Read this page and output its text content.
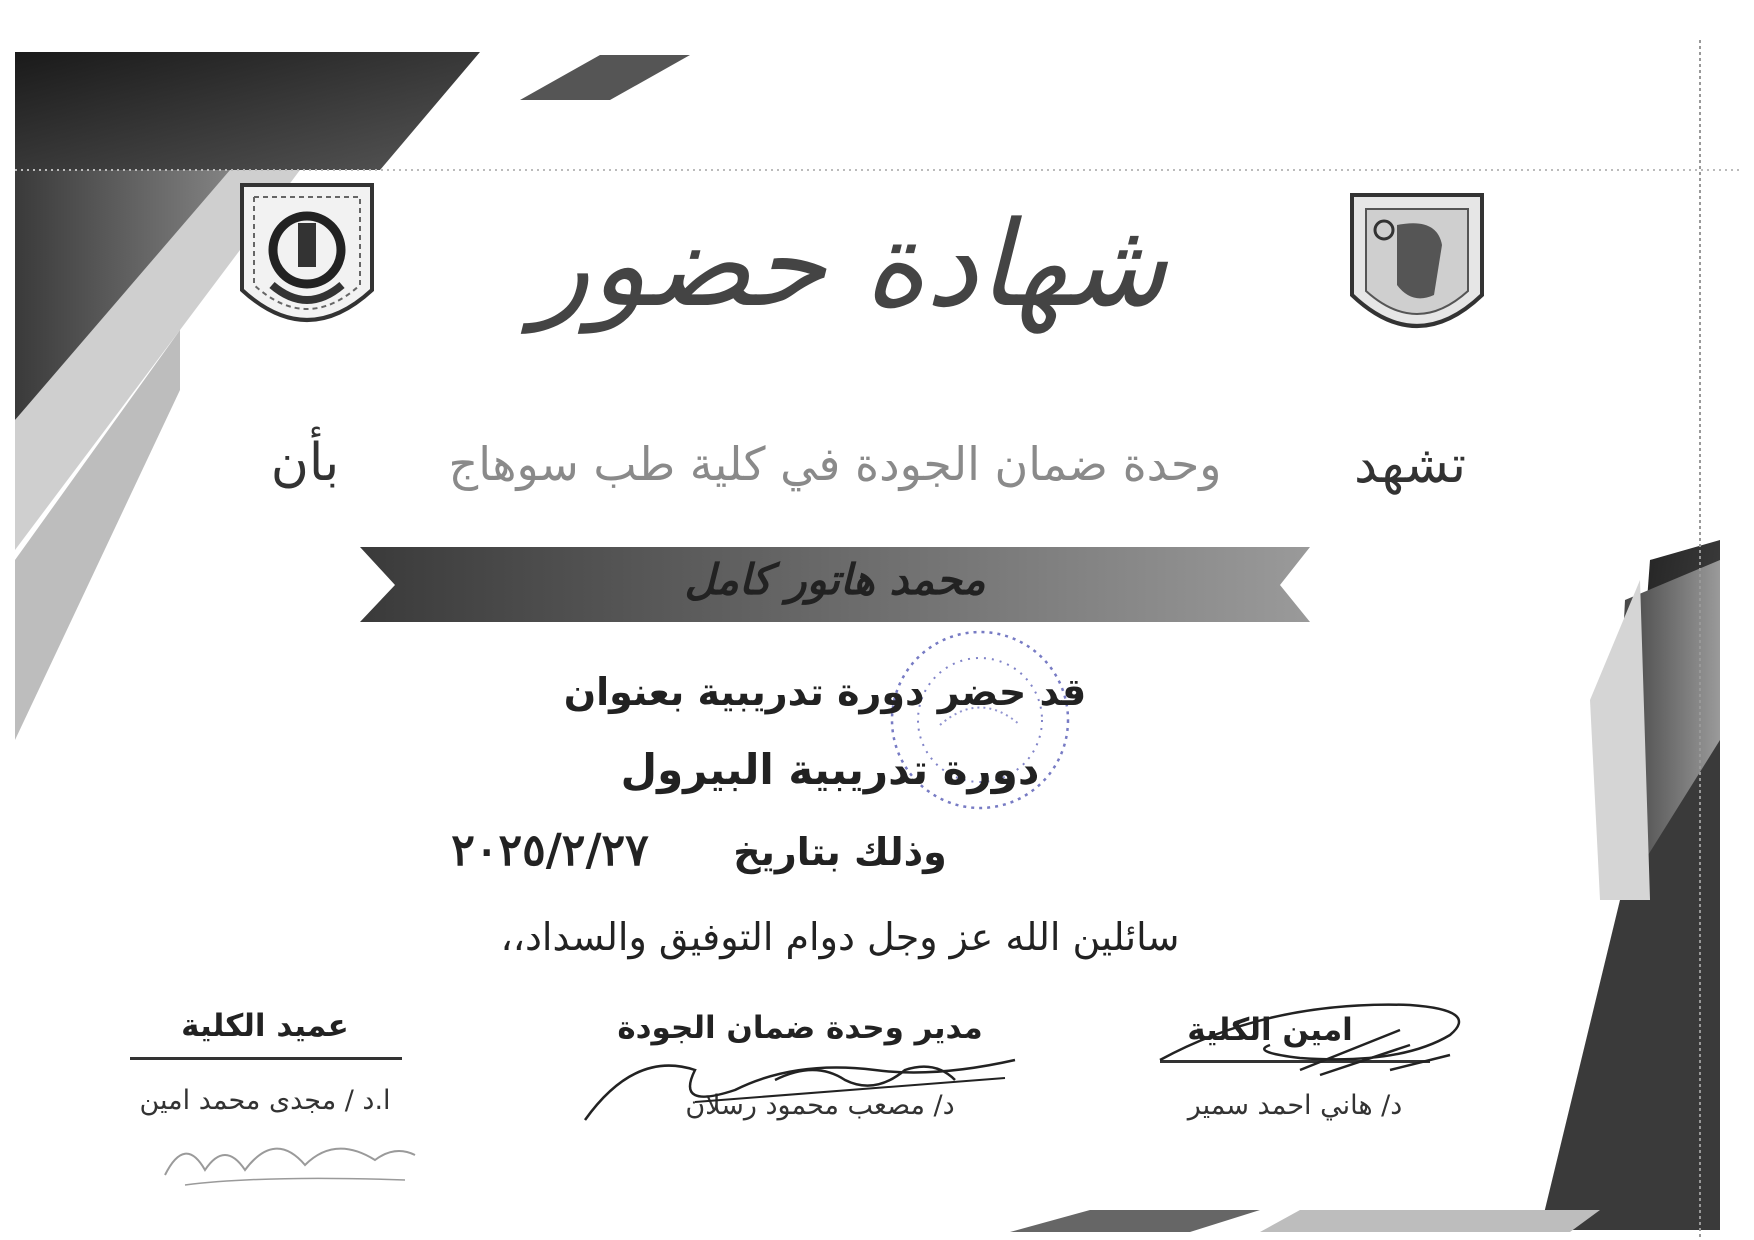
شهادة حضور
تشهد
وحدة ضمان الجودة في كلية طب سوهاج
بأن
محمد هاتور كامل
قد حضر دورة تدريبية بعنوان
دورة تدريبية البيرول
وذلك بتاريخ
٢٠٢٥/٢/٢٧
سائلين الله عز وجل دوام التوفيق والسداد،،
امين الكلية
د/ هاني احمد سمير
مدير وحدة ضمان الجودة
د/ مصعب محمود رسلان
عميد الكلية
ا.د / مجدى محمد امين
